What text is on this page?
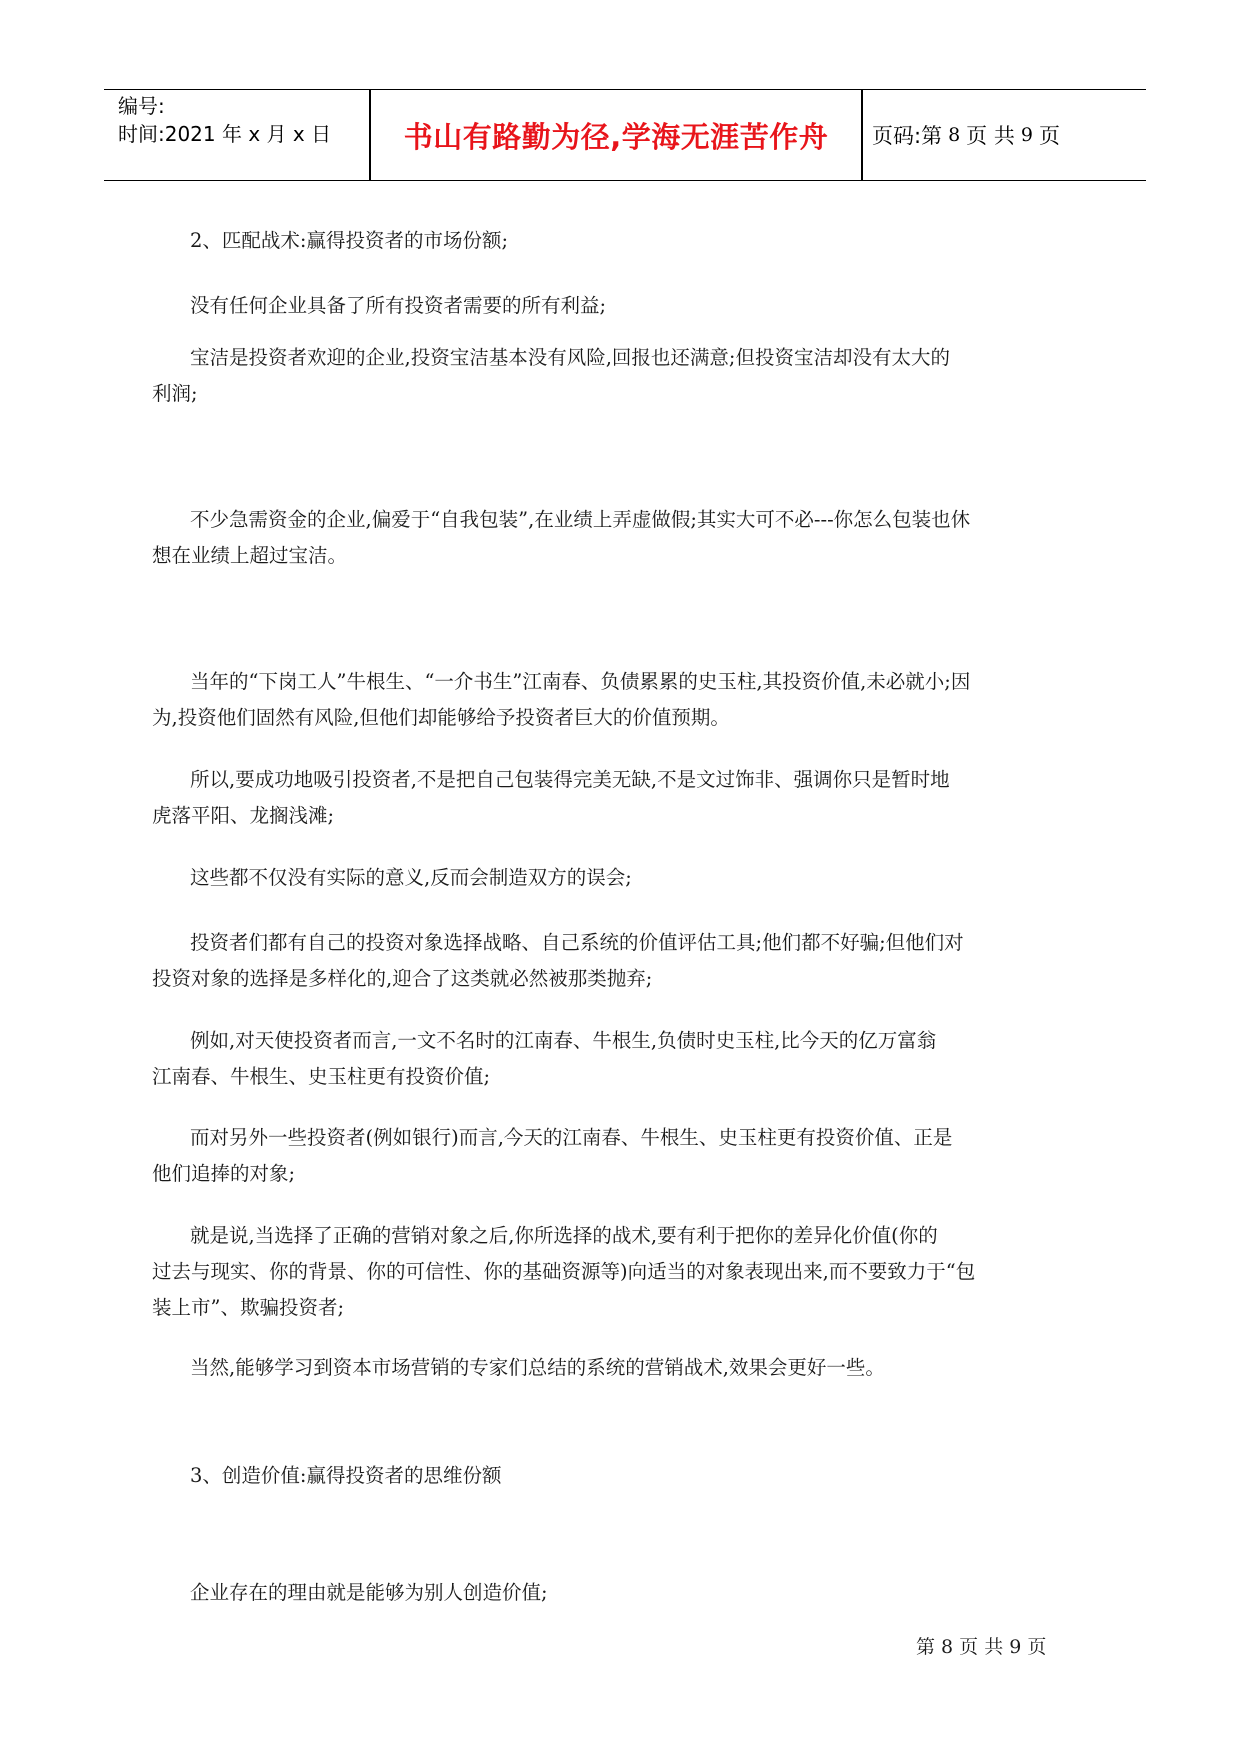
编号:
时间:2021 年 x 月 x 日	书山有路勤为径,学海无涯苦作舟	页码:第 8 页 共 9 页
2、匹配战术:赢得投资者的市场份额;
没有任何企业具备了所有投资者需要的所有利益;
宝洁是投资者欢迎的企业,投资宝洁基本没有风险,回报也还满意;但投资宝洁却没有太大的
利润;
不少急需资金的企业,偏爱于“自我包装”,在业绩上弄虚做假;其实大可不必---你怎么包装也休
想在业绩上超过宝洁。
当年的“下岗工人”牛根生、“一介书生”江南春、负债累累的史玉柱,其投资价值,未必就小;因
为,投资他们固然有风险,但他们却能够给予投资者巨大的价值预期。
所以,要成功地吸引投资者,不是把自己包装得完美无缺,不是文过饰非、强调你只是暂时地
虎落平阳、龙搁浅滩;
这些都不仅没有实际的意义,反而会制造双方的误会;
投资者们都有自己的投资对象选择战略、自己系统的价值评估工具;他们都不好骗;但他们对
投资对象的选择是多样化的,迎合了这类就必然被那类抛弃;
例如,对天使投资者而言,一文不名时的江南春、牛根生,负债时史玉柱,比今天的亿万富翁
江南春、牛根生、史玉柱更有投资价值;
而对另外一些投资者(例如银行)而言,今天的江南春、牛根生、史玉柱更有投资价值、正是
他们追捧的对象;
就是说,当选择了正确的营销对象之后,你所选择的战术,要有利于把你的差异化价值(你的
过去与现实、你的背景、你的可信性、你的基础资源等)向适当的对象表现出来,而不要致力于“包
装上市”、欺骗投资者;
当然,能够学习到资本市场营销的专家们总结的系统的营销战术,效果会更好一些。
3、创造价值:赢得投资者的思维份额
企业存在的理由就是能够为别人创造价值;
第 8 页 共 9 页
